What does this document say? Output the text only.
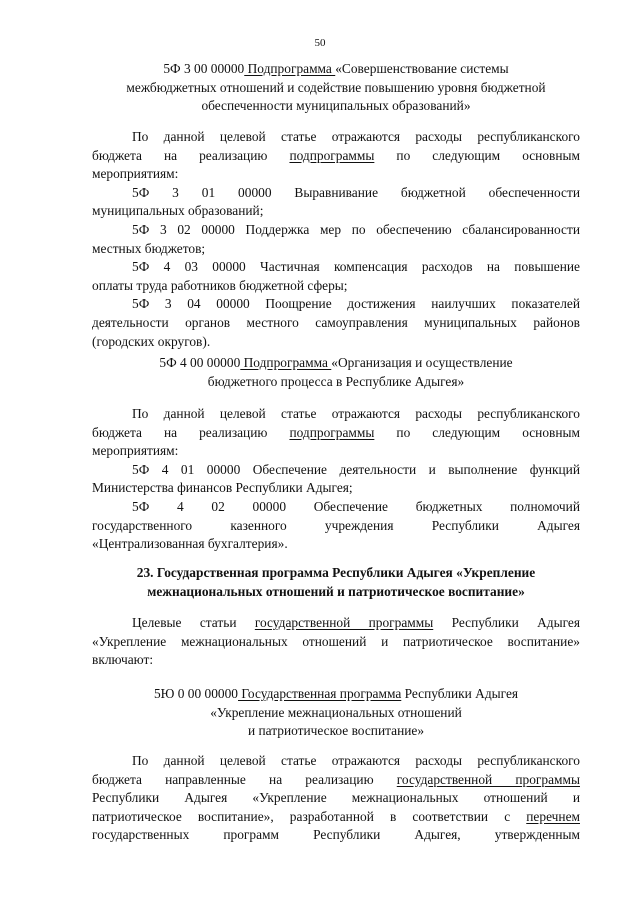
50

5Ф 3 00 00000 Подпрограмма «Совершенствование системы

межбюджетных отношений и содействие повышению уровня бюджетной

обеспеченности муниципальных образований»

По данной целевой статье отражаются расходы республиканского

бюджета на реализацию подпрограммы по следующим основным

мероприятиям:

5Ф 3 01 00000 Выравнивание бюджетной обеспеченности

муниципальных образований;

5Ф 3 02 00000 Поддержка мер по обеспечению сбалансированности

местных бюджетов;

5Ф 4 03 00000 Частичная компенсация расходов на повышение

оплаты труда работников бюджетной сферы;

5Ф 3 04 00000 Поощрение достижения наилучших показателей

деятельности органов местного самоуправления муниципальных районов

(городских округов).

5Ф 4 00 00000 Подпрограмма «Организация и осуществление

бюджетного процесса в Республике Адыгея»

По данной целевой статье отражаются расходы республиканского

бюджета на реализацию подпрограммы по следующим основным

мероприятиям:

5Ф 4 01 00000 Обеспечение деятельности и выполнение функций

Министерства финансов Республики Адыгея;

5Ф 4 02 00000 Обеспечение бюджетных полномочий

государственного казенного учреждения Республики Адыгея

«Централизованная бухгалтерия».

23. Государственная программа Республики Адыгея «Укрепление

межнациональных отношений и патриотическое воспитание»

Целевые статьи государственной программы Республики Адыгея

«Укрепление межнациональных отношений и патриотическое воспитание»

включают:

5Ю 0 00 00000 Государственная программа Республики Адыгея

«Укрепление межнациональных отношений

и патриотическое воспитание»

По данной целевой статье отражаются расходы республиканского

бюджета направленные на реализацию государственной программы

Республики Адыгея «Укрепление межнациональных отношений и

патриотическое воспитание», разработанной в соответствии с перечнем

государственных программ Республики Адыгея, утвержденным
